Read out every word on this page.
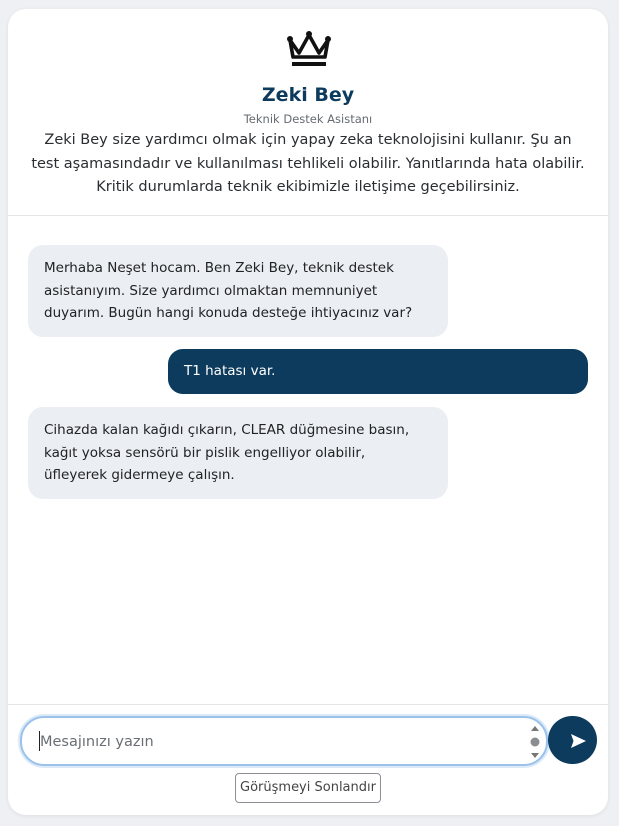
Zeki Bey
Teknik Destek Asistanı
Zeki Bey size yardımcı olmak için yapay zeka teknolojisini kullanır. Şu an test aşamasındadır ve kullanılması tehlikeli olabilir. Yanıtlarında hata olabilir. Kritik durumlarda teknik ekibimizle iletişime geçebilirsiniz.
Merhaba Neşet hocam. Ben Zeki Bey, teknik destek asistanıyım. Size yardımcı olmaktan memnuniyet duyarım. Bugün hangi konuda desteğe ihtiyacınız var?
T1 hatası var.
Cihazda kalan kağıdı çıkarın, CLEAR düğmesine basın, kağıt yoksa sensörü bir pislik engelliyor olabilir, üfleyerek gidermeye çalışın.
Mesajınızı yazın
Görüşmeyi Sonlandır
